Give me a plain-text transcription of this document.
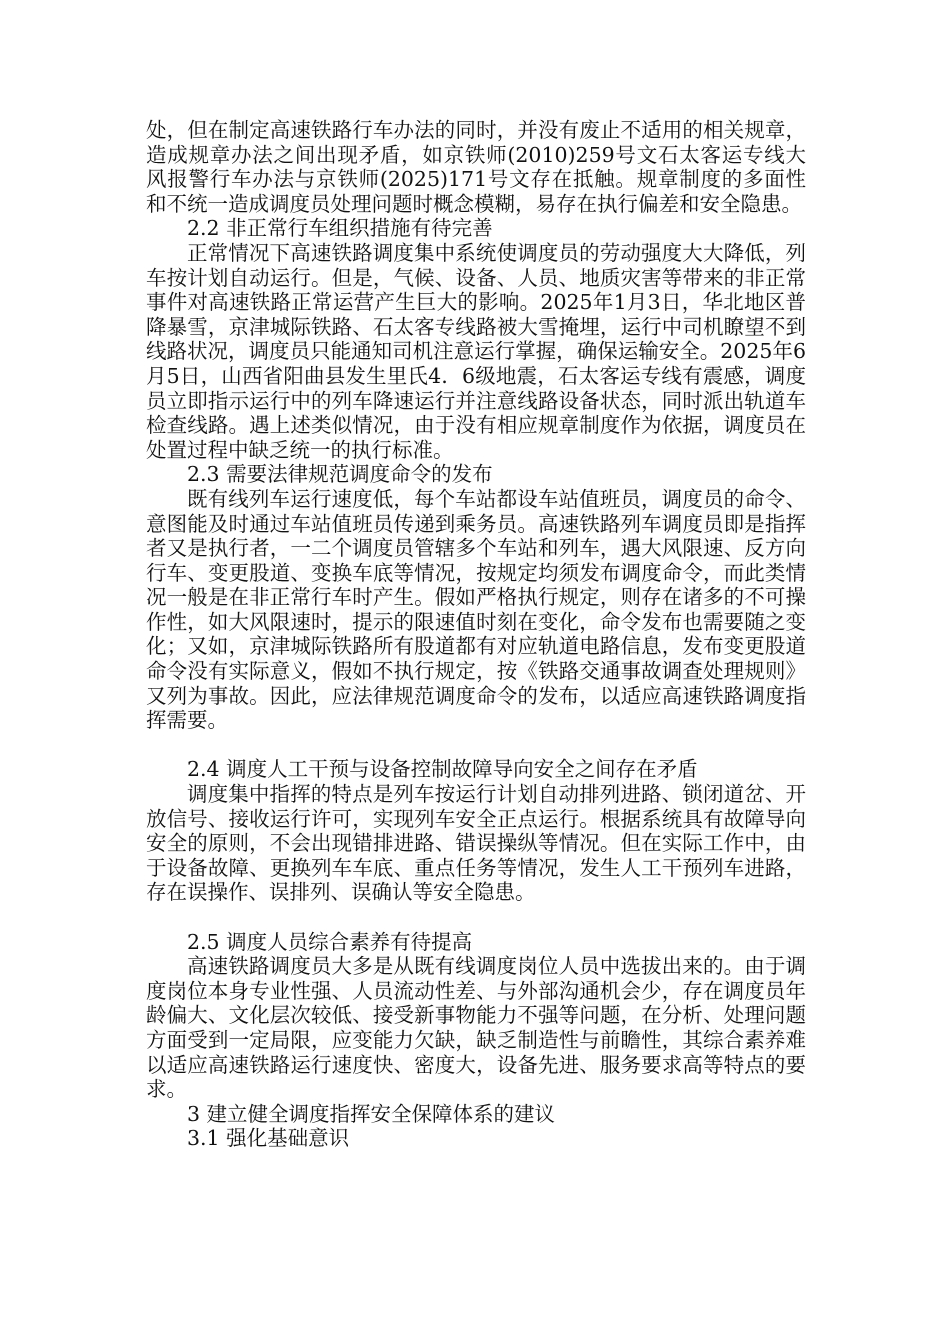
处，但在制定高速铁路行车办法的同时，并没有废止不适用的相关规章，造成规章办法之间出现矛盾，如京铁师(2010)259号文石太客运专线大风报警行车办法与京铁师(2025)171号文存在抵触。规章制度的多面性和不统一造成调度员处理问题时概念模糊，易存在执行偏差和安全隐患。

2.2 非正常行车组织措施有待完善

正常情况下高速铁路调度集中系统使调度员的劳动强度大大降低，列车按计划自动运行。但是，气候、设备、人员、地质灾害等带来的非正常事件对高速铁路正常运营产生巨大的影响。2025年1月3日，华北地区普降暴雪，京津城际铁路、石太客专线路被大雪掩埋，运行中司机瞭望不到线路状况，调度员只能通知司机注意运行掌握，确保运输安全。2025年6月5日，山西省阳曲县发生里氏4．6级地震，石太客运专线有震感，调度员立即指示运行中的列车降速运行并注意线路设备状态，同时派出轨道车检查线路。遇上述类似情况，由于没有相应规章制度作为依据，调度员在处置过程中缺乏统一的执行标准。

2.3 需要法律规范调度命令的发布

既有线列车运行速度低，每个车站都设车站值班员，调度员的命令、意图能及时通过车站值班员传递到乘务员。高速铁路列车调度员即是指挥者又是执行者，一二个调度员管辖多个车站和列车，遇大风限速、反方向行车、变更股道、变换车底等情况，按规定均须发布调度命令，而此类情况一般是在非正常行车时产生。假如严格执行规定，则存在诸多的不可操作性，如大风限速时，提示的限速值时刻在变化，命令发布也需要随之变化；又如，京津城际铁路所有股道都有对应轨道电路信息，发布变更股道命令没有实际意义，假如不执行规定，按《铁路交通事故调查处理规则》又列为事故。因此，应法律规范调度命令的发布，以适应高速铁路调度指挥需要。

2.4 调度人工干预与设备控制故障导向安全之间存在矛盾

调度集中指挥的特点是列车按运行计划自动排列进路、锁闭道岔、开放信号、接收运行许可，实现列车安全正点运行。根据系统具有故障导向安全的原则，不会出现错排进路、错误操纵等情况。但在实际工作中，由于设备故障、更换列车车底、重点任务等情况，发生人工干预列车进路，存在误操作、误排列、误确认等安全隐患。

2.5 调度人员综合素养有待提高

高速铁路调度员大多是从既有线调度岗位人员中选拔出来的。由于调度岗位本身专业性强、人员流动性差、与外部沟通机会少，存在调度员年龄偏大、文化层次较低、接受新事物能力不强等问题，在分析、处理问题方面受到一定局限，应变能力欠缺，缺乏制造性与前瞻性，其综合素养难以适应高速铁路运行速度快、密度大，设备先进、服务要求高等特点的要求。

3 建立健全调度指挥安全保障体系的建议

3.1 强化基础意识
